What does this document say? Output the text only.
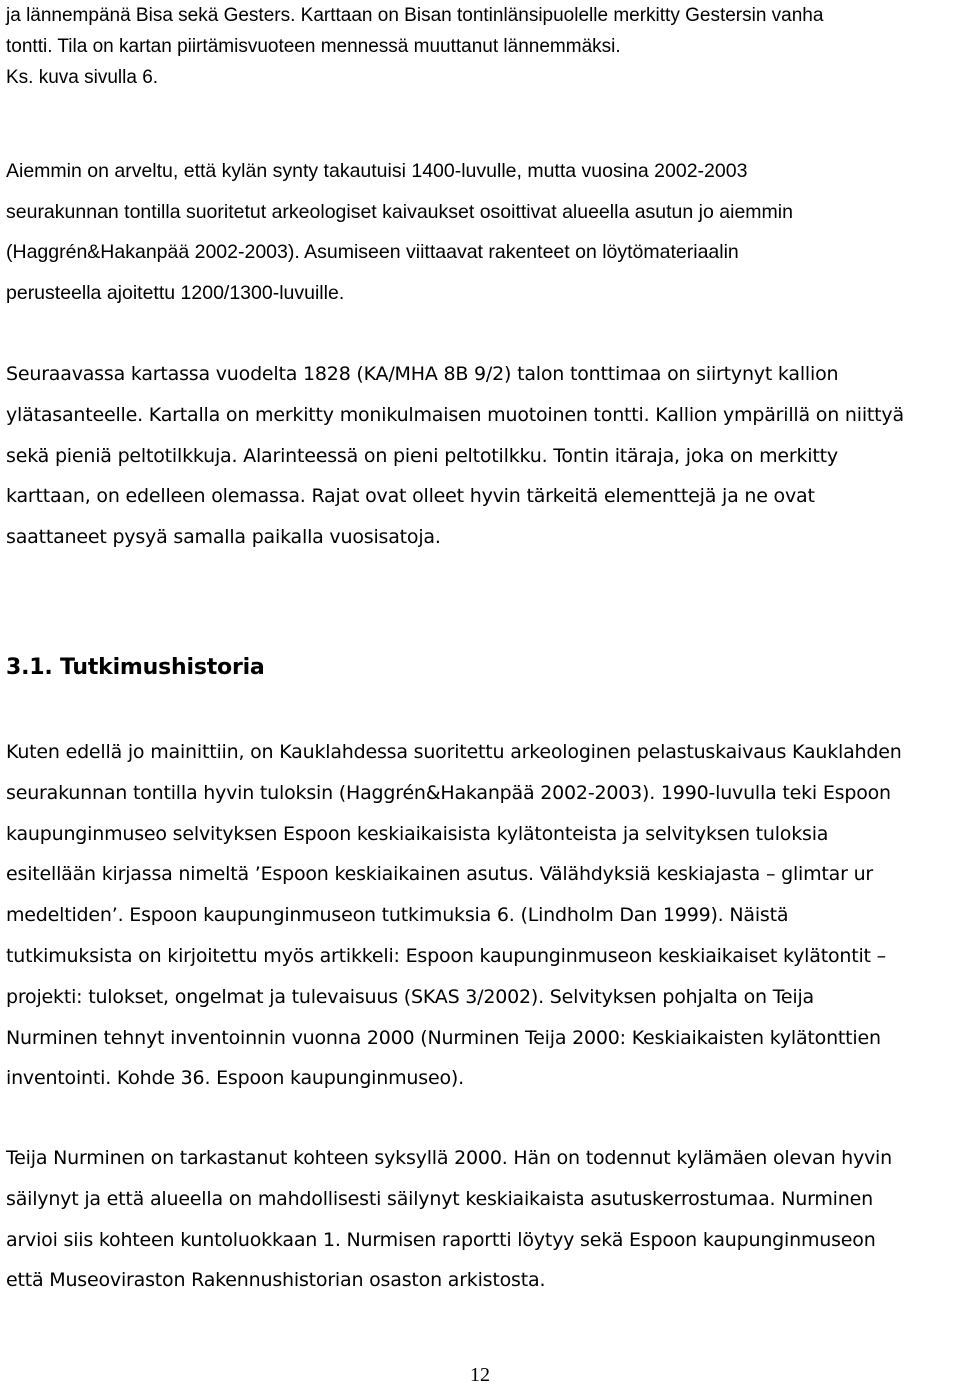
ja lännempänä Bisa sekä Gesters. Karttaan on Bisan tontinlänsipuolelle merkitty Gestersin vanha
tontti. Tila on kartan piirtämisvuoteen mennessä muuttanut lännemmäksi.
Ks. kuva sivulla 6.
Aiemmin on arveltu, että kylän synty takautuisi 1400-luvulle, mutta vuosina 2002-2003
seurakunnan tontilla suoritetut arkeologiset kaivaukset osoittivat alueella asutun jo aiemmin
(Haggrén&Hakanpää 2002-2003). Asumiseen viittaavat rakenteet on löytömateriaalin
perusteella ajoitettu 1200/1300-luvuille.
Seuraavassa kartassa vuodelta 1828 (KA/MHA 8B 9/2) talon tonttimaa on siirtynyt kallion
ylätasanteelle. Kartalla on merkitty monikulmaisen muotoinen tontti. Kallion ympärillä on niittyä
sekä pieniä peltotilkkuja. Alarinteessä on pieni peltotilkku. Tontin itäraja, joka on merkitty
karttaan, on edelleen olemassa. Rajat ovat olleet hyvin tärkeitä elementtejä ja ne ovat
saattaneet pysyä samalla paikalla vuosisatoja.
3.1. Tutkimushistoria
Kuten edellä jo mainittiin, on Kauklahdessa suoritettu arkeologinen pelastuskaivaus Kauklahden
seurakunnan tontilla hyvin tuloksin (Haggrén&Hakanpää 2002-2003). 1990-luvulla teki Espoon
kaupunginmuseo selvityksen Espoon keskiaikaisista kylätonteista ja selvityksen tuloksia
esitellään kirjassa nimeltä ’Espoon keskiaikainen asutus. Välähdyksiä keskiajasta – glimtar ur
medeltiden’. Espoon kaupunginmuseon tutkimuksia 6. (Lindholm Dan 1999). Näistä
tutkimuksista on kirjoitettu myös artikkeli: Espoon kaupunginmuseon keskiaikaiset kylätontit –
projekti: tulokset, ongelmat ja tulevaisuus (SKAS 3/2002). Selvityksen pohjalta on Teija
Nurminen tehnyt inventoinnin vuonna 2000 (Nurminen Teija 2000: Keskiaikaisten kylätonttien
inventointi. Kohde 36. Espoon kaupunginmuseo).
Teija Nurminen on tarkastanut kohteen syksyllä 2000. Hän on todennut kylämäen olevan hyvin
säilynyt ja että alueella on mahdollisesti säilynyt keskiaikaista asutuskerrostumaa. Nurminen
arvioi siis kohteen kuntoluokkaan 1. Nurmisen raportti löytyy sekä Espoon kaupunginmuseon
että Museoviraston Rakennushistorian osaston arkistosta.
12
